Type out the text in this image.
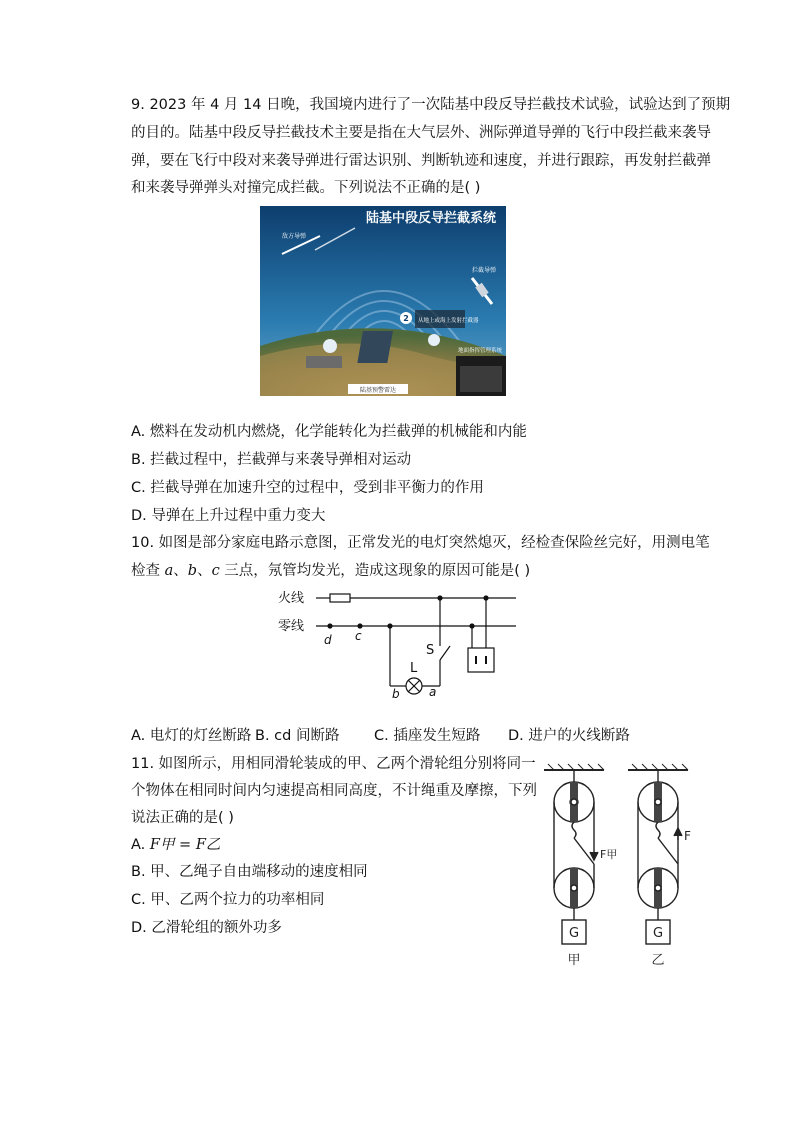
9. 2023 年 4 月 14 日晚，我国境内进行了一次陆基中段反导拦截技术试验，试验达到了预期
的目的。陆基中段反导拦截技术主要是指在大气层外、洲际弹道导弹的飞行中段拦截来袭导
弹，要在飞行中段对来袭导弹进行雷达识别、判断轨迹和速度，并进行跟踪，再发射拦截弹
和来袭导弹弹头对撞完成拦截。下列说法不正确的是( )
陆基中段反导拦截系统
敌方导弹
拦截导弹
2 从地上或海上发射拦截器
地面指挥管理系统
陆基预警雷达
A. 燃料在发动机内燃烧，化学能转化为拦截弹的机械能和内能
B. 拦截过程中，拦截弹与来袭导弹相对运动
C. 拦截导弹在加速升空的过程中，受到非平衡力的作用
D. 导弹在上升过程中重力变大
10. 如图是部分家庭电路示意图，正常发光的电灯突然熄灭，经检查保险丝完好，用测电笔
检查 a、b、c 三点，氖管均发光，造成这现象的原因可能是( )
火线
零线
d c
L
S
b a
A. 电灯的灯丝断路 B. cd 间断路 C. 插座发生短路 D. 进户的火线断路
11. 如图所示，用相同滑轮装成的甲、乙两个滑轮组分别将同一
个物体在相同时间内匀速提高相同高度，不计绳重及摩擦，下列
说法正确的是( )
A. F甲 = F乙
B. 甲、乙绳子自由端移动的速度相同
C. 甲、乙两个拉力的功率相同
D. 乙滑轮组的额外功多	G
F甲
甲
G
F
乙
